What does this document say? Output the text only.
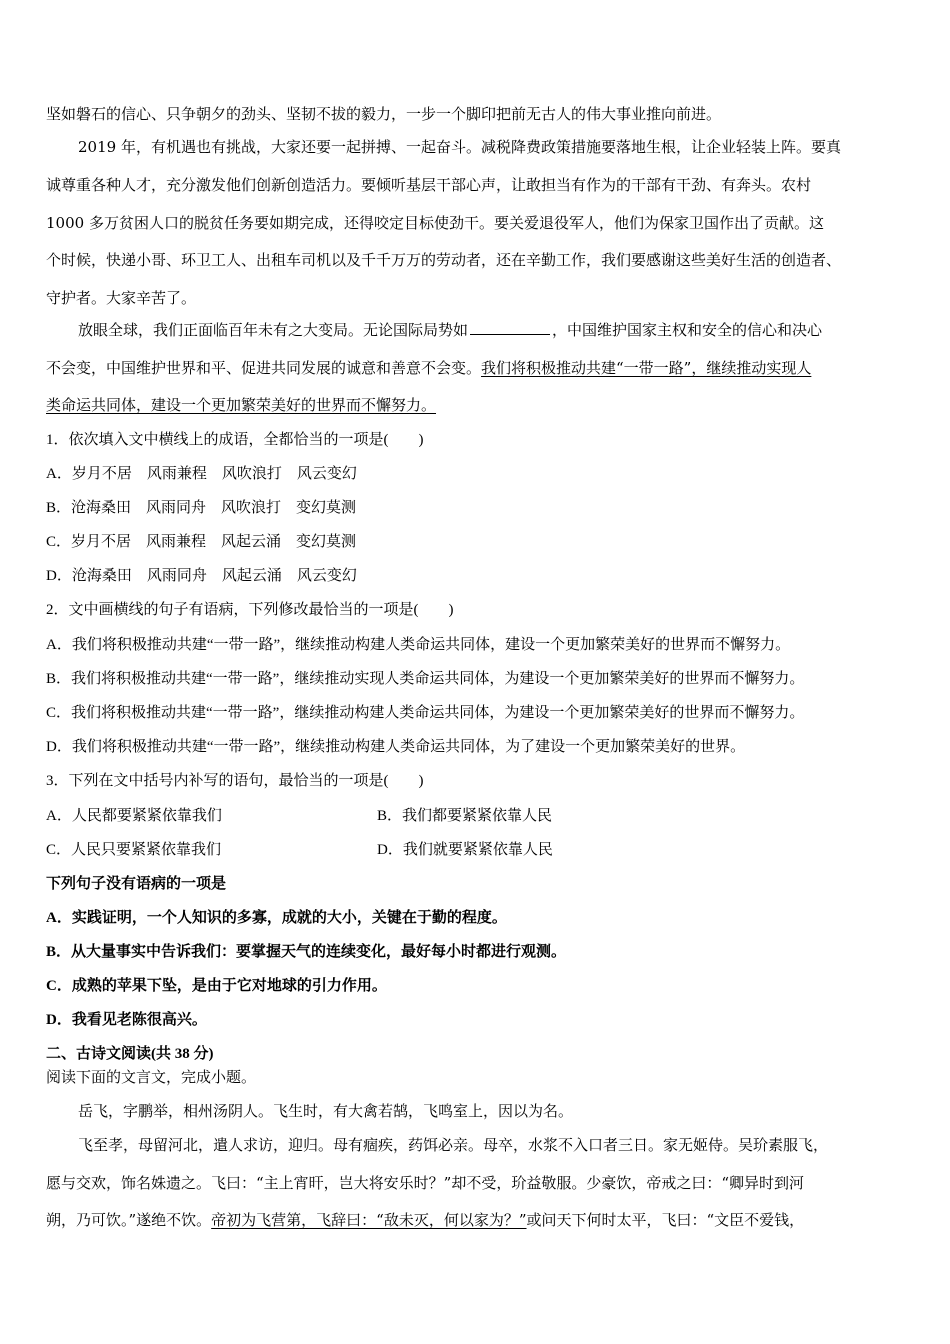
坚如磐石的信心、只争朝夕的劲头、坚韧不拔的毅力，一步一个脚印把前无古人的伟大事业推向前进。
2019 年，有机遇也有挑战，大家还要一起拼搏、一起奋斗。减税降费政策措施要落地生根，让企业轻装上阵。要真
诚尊重各种人才，充分激发他们创新创造活力。要倾听基层干部心声，让敢担当有作为的干部有干劲、有奔头。农村
1000 多万贫困人口的脱贫任务要如期完成，还得咬定目标使劲干。要关爱退役军人，他们为保家卫国作出了贡献。这
个时候，快递小哥、环卫工人、出租车司机以及千千万万的劳动者，还在辛勤工作，我们要感谢这些美好生活的创造者、
守护者。大家辛苦了。
放眼全球，我们正面临百年未有之大变局。无论国际局势如	，中国维护国家主权和安全的信心和决心
不会变，中国维护世界和平、促进共同发展的诚意和善意不会变。我们将积极推动共建“一带一路”，继续推动实现人
类命运共同体，建设一个更加繁荣美好的世界而不懈努力。
1．依次填入文中横线上的成语，全都恰当的一项是(　　)
A．岁月不居　风雨兼程　风吹浪打　风云变幻
B．沧海桑田　风雨同舟　风吹浪打　变幻莫测
C．岁月不居　风雨兼程　风起云涌　变幻莫测
D．沧海桑田　风雨同舟　风起云涌　风云变幻
2．文中画横线的句子有语病，下列修改最恰当的一项是(　　)
A．我们将积极推动共建“一带一路”，继续推动构建人类命运共同体，建设一个更加繁荣美好的世界而不懈努力。
B．我们将积极推动共建“一带一路”，继续推动实现人类命运共同体，为建设一个更加繁荣美好的世界而不懈努力。
C．我们将积极推动共建“一带一路”，继续推动构建人类命运共同体，为建设一个更加繁荣美好的世界而不懈努力。
D．我们将积极推动共建“一带一路”，继续推动构建人类命运共同体，为了建设一个更加繁荣美好的世界。
3．下列在文中括号内补写的语句，最恰当的一项是(　　)
A．人民都要紧紧依靠我们	B．我们都要紧紧依靠人民
C．人民只要紧紧依靠我们	D．我们就要紧紧依靠人民
下列句子没有语病的一项是
A．实践证明，一个人知识的多寡，成就的大小，关键在于勤的程度。
B．从大量事实中告诉我们：要掌握天气的连续变化，最好每小时都进行观测。
C．成熟的苹果下坠，是由于它对地球的引力作用。
D．我看见老陈很高兴。
二、古诗文阅读(共 38 分)
阅读下面的文言文，完成小题。
岳飞，字鹏举，相州汤阴人。飞生时，有大禽若鹄，飞鸣室上，因以为名。
飞至孝，母留河北，遣人求访，迎归。母有痼疾，药饵必亲。母卒，水浆不入口者三日。家无姬侍。吴玠素服飞，
愿与交欢，饰名姝遗之。飞曰：“主上宵旰，岂大将安乐时？”却不受，玠益敬服。少豪饮，帝戒之曰：“卿异时到河
朔，乃可饮。”遂绝不饮。帝初为飞营第，飞辞曰：“敌未灭，何以家为？”或问天下何时太平，飞曰：“文臣不爱钱，
